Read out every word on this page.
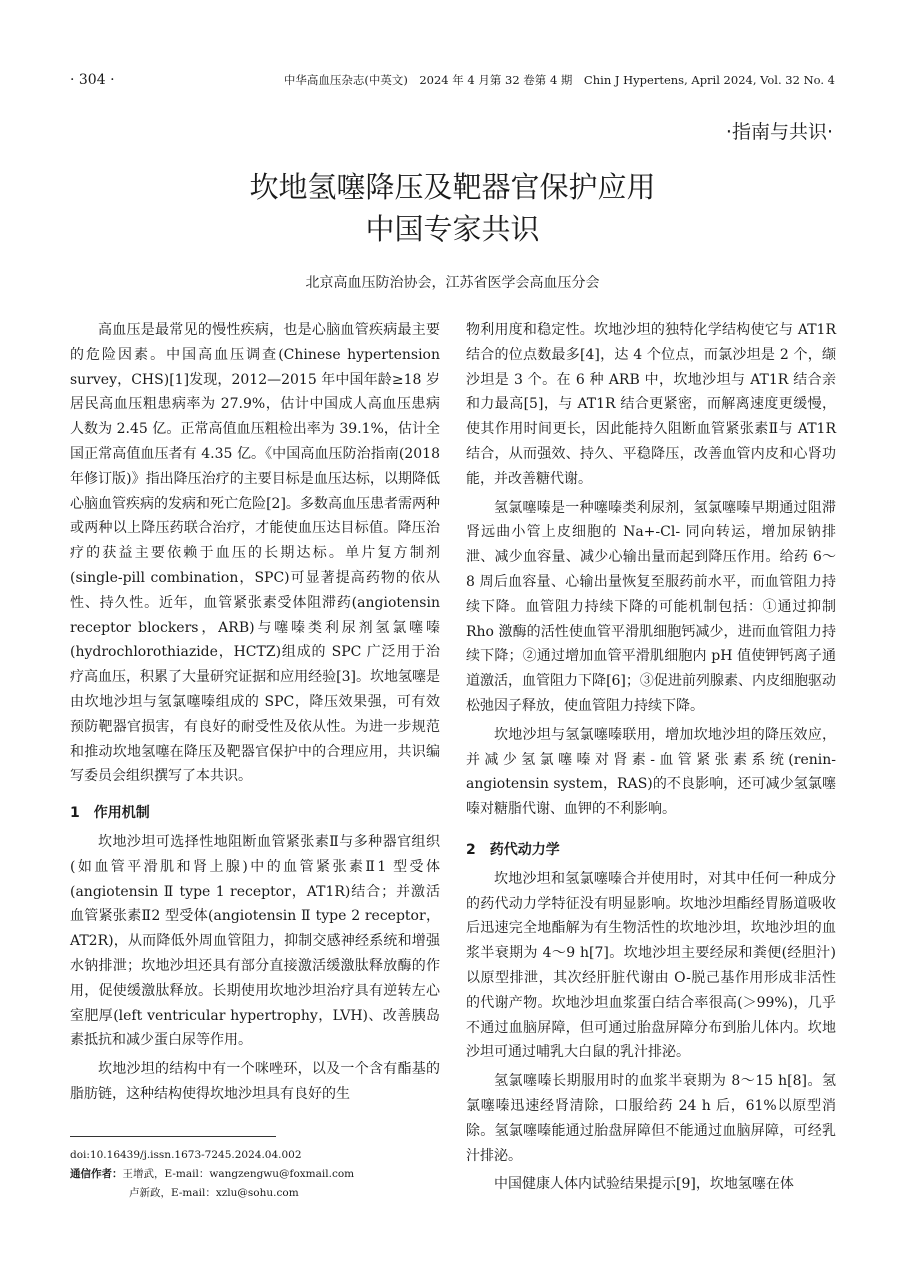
· 304 ·	中华高血压杂志(中英文)　2024 年 4 月第 32 卷第 4 期　Chin J Hypertens, April 2024, Vol. 32 No. 4
·指南与共识·
坎地氢噻降压及靶器官保护应用
中国专家共识
北京高血压防治协会，江苏省医学会高血压分会

高血压是最常见的慢性疾病，也是心脑血管疾病最主要的危险因素。中国高血压调查(Chinese hypertension survey，CHS)[1]发现，2012—2015 年中国年龄≥18 岁居民高血压粗患病率为 27.9%，估计中国成人高血压患病人数为 2.45 亿。正常高值血压粗检出率为 39.1%，估计全国正常高值血压者有 4.35 亿。《中国高血压防治指南(2018 年修订版)》指出降压治疗的主要目标是血压达标，以期降低心脑血管疾病的发病和死亡危险[2]。多数高血压患者需两种或两种以上降压药联合治疗，才能使血压达目标值。降压治疗的获益主要依赖于血压的长期达标。单片复方制剂(single-pill combination，SPC)可显著提高药物的依从性、持久性。近年，血管紧张素受体阻滞药(angiotensin receptor blockers，ARB)与噻嗪类利尿剂氢氯噻嗪(hydrochlorothiazide，HCTZ)组成的 SPC 广泛用于治疗高血压，积累了大量研究证据和应用经验[3]。坎地氢噻是由坎地沙坦与氢氯噻嗪组成的 SPC，降压效果强，可有效预防靶器官损害，有良好的耐受性及依从性。为进一步规范和推动坎地氢噻在降压及靶器官保护中的合理应用，共识编写委员会组织撰写了本共识。

1　作用机制

坎地沙坦可选择性地阻断血管紧张素Ⅱ与多种器官组织(如血管平滑肌和肾上腺)中的血管紧张素Ⅱ1 型受体(angiotensin Ⅱ type 1 receptor，AT1R)结合；并激活血管紧张素Ⅱ2 型受体(angiotensin Ⅱ type 2 receptor，AT2R)，从而降低外周血管阻力，抑制交感神经系统和增强水钠排泄；坎地沙坦还具有部分直接激活缓激肽释放酶的作用，促使缓激肽释放。长期使用坎地沙坦治疗具有逆转左心室肥厚(left ventricular hypertrophy，LVH)、改善胰岛素抵抗和减少蛋白尿等作用。

坎地沙坦的结构中有一个咪唑环，以及一个含有酯基的脂肪链，这种结构使得坎地沙坦具有良好的生

物利用度和稳定性。坎地沙坦的独特化学结构使它与 AT1R 结合的位点数最多[4]，达 4 个位点，而氯沙坦是 2 个，缬沙坦是 3 个。在 6 种 ARB 中，坎地沙坦与 AT1R 结合亲和力最高[5]，与 AT1R 结合更紧密，而解离速度更缓慢，使其作用时间更长，因此能持久阻断血管紧张素Ⅱ与 AT1R 结合，从而强效、持久、平稳降压，改善血管内皮和心肾功能，并改善糖代谢。

氢氯噻嗪是一种噻嗪类利尿剂，氢氯噻嗪早期通过阻滞肾远曲小管上皮细胞的 Na+-Cl- 同向转运，增加尿钠排泄、减少血容量、减少心输出量而起到降压作用。给药 6～8 周后血容量、心输出量恢复至服药前水平，而血管阻力持续下降。血管阻力持续下降的可能机制包括：①通过抑制 Rho 激酶的活性使血管平滑肌细胞钙减少，进而血管阻力持续下降；②通过增加血管平滑肌细胞内 pH 值使钾钙离子通道激活，血管阻力下降[6]；③促进前列腺素、内皮细胞驱动松弛因子释放，使血管阻力持续下降。

坎地沙坦与氢氯噻嗪联用，增加坎地沙坦的降压效应，并减少氢氯噻嗪对肾素-血管紧张素系统(renin-angiotensin system，RAS)的不良影响，还可减少氢氯噻嗪对糖脂代谢、血钾的不利影响。

2　药代动力学

坎地沙坦和氢氯噻嗪合并使用时，对其中任何一种成分的药代动力学特征没有明显影响。坎地沙坦酯经胃肠道吸收后迅速完全地酯解为有生物活性的坎地沙坦，坎地沙坦的血浆半衰期为 4～9 h[7]。坎地沙坦主要经尿和粪便(经胆汁)以原型排泄，其次经肝脏代谢由 O-脱己基作用形成非活性的代谢产物。坎地沙坦血浆蛋白结合率很高(＞99%)，几乎不通过血脑屏障，但可通过胎盘屏障分布到胎儿体内。坎地沙坦可通过哺乳大白鼠的乳汁排泌。

氢氯噻嗪长期服用时的血浆半衰期为 8～15 h[8]。氢氯噻嗪迅速经肾清除，口服给药 24 h 后，61%以原型消除。氢氯噻嗪能通过胎盘屏障但不能通过血脑屏障，可经乳汁排泌。

中国健康人体内试验结果提示[9]，坎地氢噻在体

doi:10.16439/j.issn.1673-7245.2024.04.002
通信作者：王增武，E-mail：wangzengwu@foxmail.com
卢新政，E-mail：xzlu@sohu.com
